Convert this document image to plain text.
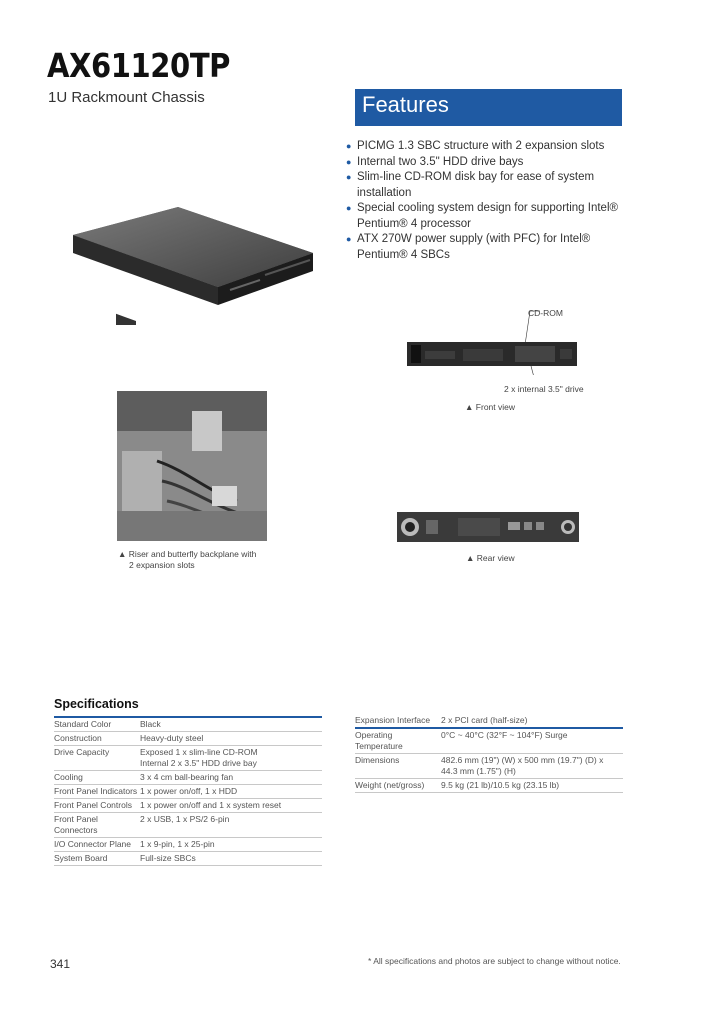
AX61120TP
1U Rackmount Chassis	Features
● PICMG 1.3 SBC structure with 2 expansion slots
● Internal two 3.5" HDD drive bays
● Slim-line CD-ROM disk bay for ease of system installation
● Special cooling system design for supporting Intel® Pentium® 4 processor
● ATX 270W power supply (with PFC) for Intel® Pentium® 4 SBCs
CD-ROM
2 x internal 3.5" drive
▲ Front view
▲ Riser and butterfly backplane with
2 expansion slots
▲ Rear view
Specifications
Standard Color	Black
Construction	Heavy-duty steel
Drive Capacity	Exposed 1 x slim-line CD-ROM
Internal 2 x 3.5" HDD drive bay

Cooling	3 x 4 cm ball-bearing fan
Front Panel Indicators	1 x power on/off, 1 x HDD
Front Panel Controls	1 x power on/off and 1 x system reset
Front Panel Connectors	2 x USB, 1 x PS/2 6-pin
I/O Connector Plane	1 x 9-pin, 1 x 25-pin
System Board	Full-size SBCs
Expansion Interface	2 x PCI card (half-size)
Operating Temperature	0°C ~ 40°C (32°F ~ 104°F) Surge
Dimensions	482.6 mm (19") (W) x 500 mm (19.7") (D) x
44.3 mm (1.75") (H)

Weight (net/gross)	9.5 kg (21 lb)/10.5 kg (23.15 lb)
341	* All specifications and photos are subject to change without notice.
